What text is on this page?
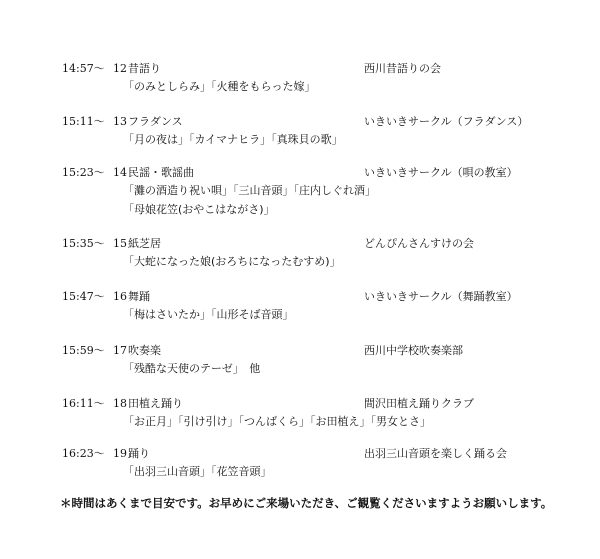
14:57～ 12 昔語り	西川昔語りの会
「のみとしらみ」「火種をもらった嫁」
15:11～ 13 フラダンス	いきいきサークル（フラダンス）
「月の夜は」「カイマナヒラ」「真珠貝の歌」
15:23～ 14 民謡・歌謡曲	いきいきサークル（唄の教室）
「灘の酒造り祝い唄」「三山音頭」「庄内しぐれ酒」
「母娘花笠(おやこはながさ)」
15:35～ 15 紙芝居	どんぴんさんすけの会
「大蛇になった娘(おろちになったむすめ)」
15:47～ 16 舞踊	いきいきサークル（舞踊教室）
「梅はさいたか」「山形そば音頭」
15:59～ 17 吹奏楽	西川中学校吹奏楽部
「残酷な天使のテーゼ」　他
16:11～ 18 田植え踊り	間沢田植え踊りクラブ
「お正月」「引け引け」「つんばくら」「お田植え」「男女とさ」
16:23～ 19 踊り	出羽三山音頭を楽しく踊る会
「出羽三山音頭」「花笠音頭」
＊時間はあくまで目安です。お早めにご来場いただき、ご観覧くださいますようお願いします。
